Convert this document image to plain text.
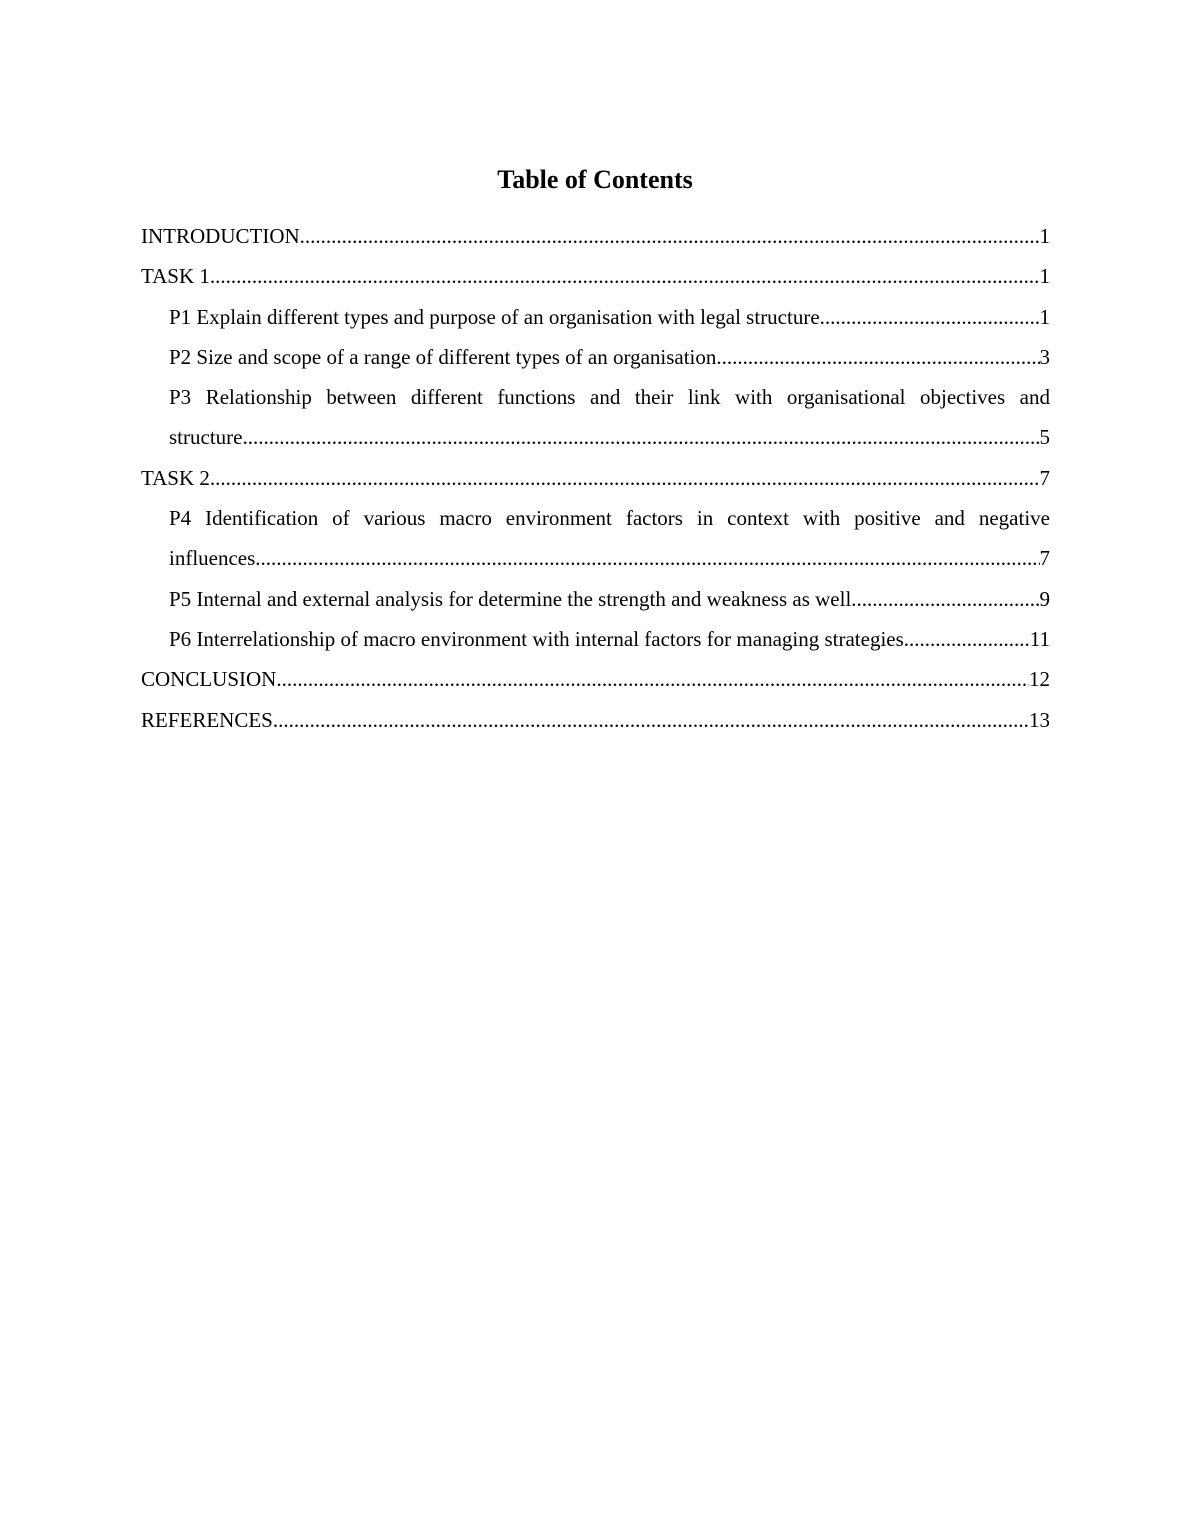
Table of Contents
INTRODUCTION .....	1
TASK 1 .....	1
P1 Explain different types and purpose of an organisation with legal structure .....	1
P2 Size and scope of a range of different types of an organisation .....	3
P3 Relationship between different functions and their link with organisational objectives and
structure .....	5
TASK 2 .....	7
P4 Identification of various macro environment factors in context with positive and negative
influences .....	7
P5 Internal and external analysis for determine the strength and weakness as well .....	9
P6 Interrelationship of macro environment with internal factors for managing strategies .....	11
CONCLUSION .....	12
REFERENCES .....	13
